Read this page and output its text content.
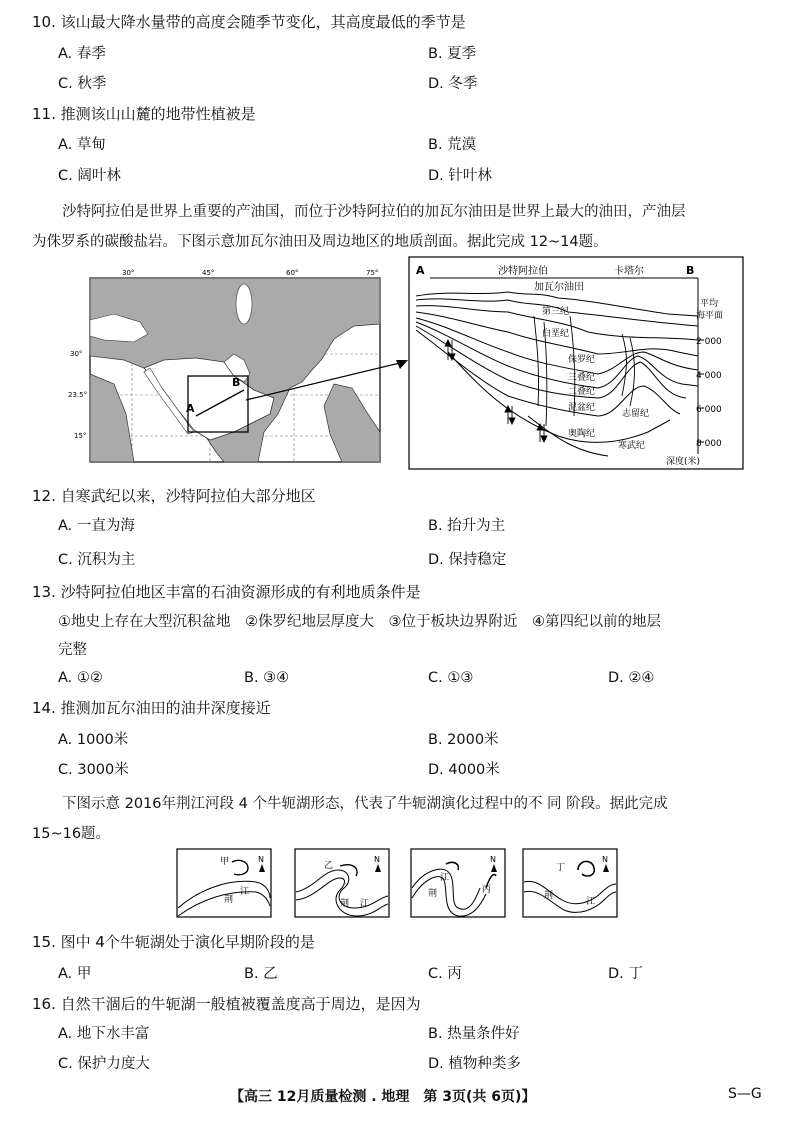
10. 该山最大降水量带的高度会随季节变化，其高度最低的季节是
A. 春季	B. 夏季
C. 秋季	D. 冬季
11. 推测该山山麓的地带性植被是
A. 草甸	B. 荒漠
C. 阔叶林	D. 针叶林
沙特阿拉伯是世界上重要的产油国，而位于沙特阿拉伯的加瓦尔油田是世界上最大的油田，产油层
为侏罗系的碳酸盐岩。下图示意加瓦尔油田及周边地区的地质剖面。据此完成 12~14题。
B
A
30°	45°	60°	75°
30°
23.5°
15°
A	B
沙特阿拉伯	卡塔尔
加瓦尔油田
平均
海平面
第三纪
白垩纪
侏罗纪
三叠纪
二叠纪
泥盆纪
志留纪
奥陶纪
寒武纪
2 000
4 000
6 000
8 000
深度(米)
12. 自寒武纪以来，沙特阿拉伯大部分地区
A. 一直为海	B. 抬升为主
C. 沉积为主	D. 保持稳定
13. 沙特阿拉伯地区丰富的石油资源形成的有利地质条件是
①地史上存在大型沉积盆地　②侏罗纪地层厚度大　③位于板块边界附近　④第四纪以前的地层
完整
A. ①②	B. ③④	C. ①③	D. ②④
14. 推测加瓦尔油田的油井深度接近
A. 1000米	B. 2000米
C. 3000米	D. 4000米
下图示意 2016年荆江河段 4 个牛轭湖形态，代表了牛轭湖演化过程中的不 同 阶段。据此完成
15~16题。
甲
荆
江
N
乙
荆 江
N
荆
江
丙
N
丁
荆
江
N
15. 图中 4个牛轭湖处于演化早期阶段的是
A. 甲	B. 乙	C. 丙	D. 丁
16. 自然干涸后的牛轭湖一般植被覆盖度高于周边，是因为
A. 地下水丰富	B. 热量条件好
C. 保护力度大	D. 植物种类多
【高三 12月质量检测 . 地理　第 3页(共 6页)】	S—G
